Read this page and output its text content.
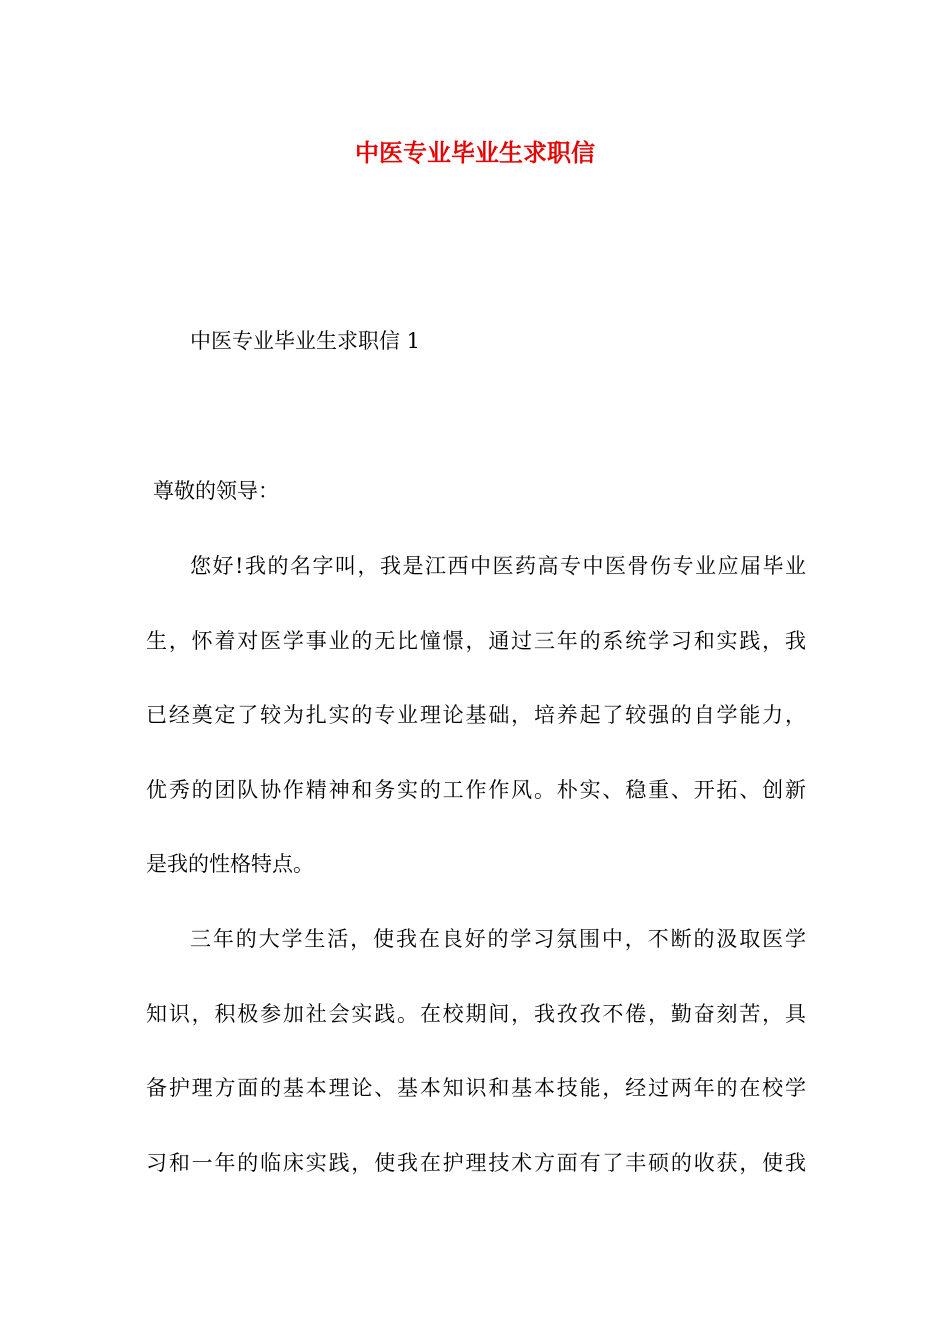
中医专业毕业生求职信
中医专业毕业生求职信 1
尊敬的领导：
您好!我的名字叫，我是江西中医药高专中医骨伤专业应届毕业
生，怀着对医学事业的无比憧憬，通过三年的系统学习和实践，我
已经奠定了较为扎实的专业理论基础，培养起了较强的自学能力，
优秀的团队协作精神和务实的工作作风。朴实、稳重、开拓、创新
是我的性格特点。
三年的大学生活，使我在良好的学习氛围中，不断的汲取医学
知识，积极参加社会实践。在校期间，我孜孜不倦，勤奋刻苦，具
备护理方面的基本理论、基本知识和基本技能，经过两年的在校学
习和一年的临床实践，使我在护理技术方面有了丰硕的收获，使我
